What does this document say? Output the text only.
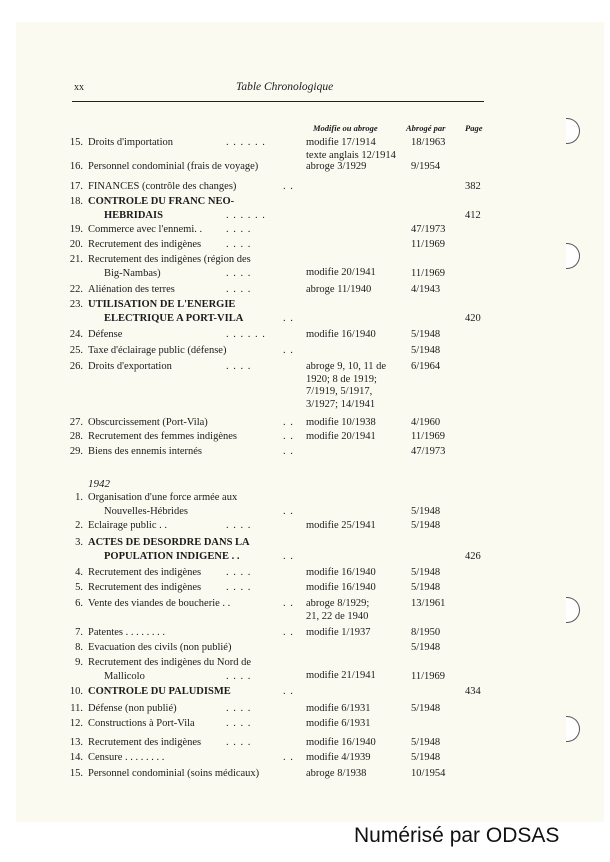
xx	Table Chronologique
Modifie ou abroge	Abrogé par Page
15. Droits d'importation	. . . . . .	modifie 17/1914
texte anglais 12/1914
18/1963
16. Personnel condominial (frais de voyage)	abroge 3/1929	9/1954
17. FINANCES (contrôle des changes)	. .	382
18. CONTROLE DU FRANC NEO-
HEBRIDAIS	. . . . . .	412
19. Commerce avec l'ennemi. . . . . .	47/1973
20. Recrutement des indigènes . . . .	11/1969
21. Recrutement des indigènes (région des
Big-Nambas)	. . . .	modifie 20/1941	11/1969
22. Aliénation des terres	. . . .	abroge 11/1940	4/1943
23. UTILISATION DE L'ENERGIE
ELECTRIQUE A PORT-VILA	. .	420
24. Défense	. . . . . .	modifie 16/1940	5/1948
25. Taxe d'éclairage public (défense)	. .	5/1948
26. Droits d'exportation	. . . .	abroge 9, 10, 11 de
1920; 8 de 1919;
7/1919, 5/1917,
3/1927; 14/1941
6/1964
27. Obscurcissement (Port-Vila)	. . modifie 10/1938	4/1960
28. Recrutement des femmes indigènes	. . modifie 20/1941	11/1969
29. Biens des ennemis internés	. .	47/1973
1942
1. Organisation d'une force armée aux
Nouvelles-Hébrides	. .	5/1948
2. Eclairage public . .	. . . .	modifie 25/1941	5/1948
3. ACTES DE DESORDRE DANS LA
POPULATION INDIGENE . .	. .	426
4. Recrutement des indigènes . . . .	modifie 16/1940	5/1948
5. Recrutement des indigènes . . . .	modifie 16/1940	5/1948
6. Vente des viandes de boucherie . .	. . abroge 8/1929;
21, 22 de 1940
13/1961
7. Patentes . . . . . . . .	. . modifie 1/1937	8/1950
8. Evacuation des civils (non publié)	5/1948
9. Recrutement des indigènes du Nord de
Mallicolo	. . . .	modifie 21/1941	11/1969
10. CONTROLE DU PALUDISME	. .	434
11. Défense (non publié)	. . . .	modifie 6/1931	5/1948
12. Constructions à Port-Vila	. . . .	modifie 6/1931
13. Recrutement des indigènes . . . .	modifie 16/1940	5/1948
14. Censure . . . . . . . .	. . modifie 4/1939	5/1948
15. Personnel condominial (soins médicaux)	abroge 8/1938	10/1954
Numérisé par ODSAS
